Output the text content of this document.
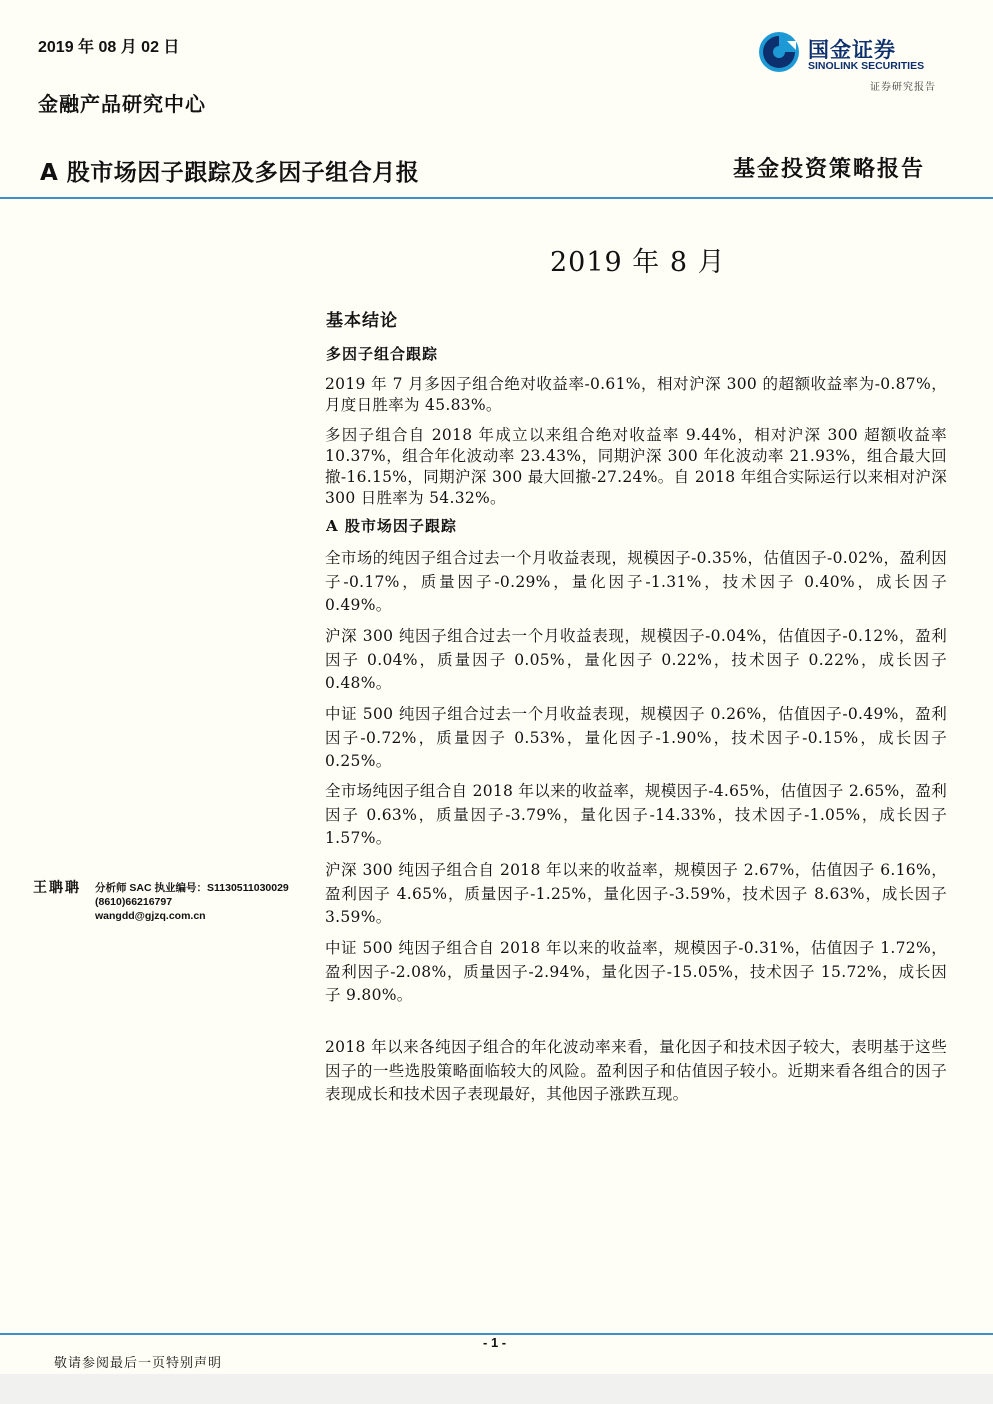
2019 年 08 月 02 日
金融产品研究中心
国金证券
SINOLINK SECURITIES
证券研究报告
A 股市场因子跟踪及多因子组合月报	基金投资策略报告
2019 年 8 月
基本结论
多因子组合跟踪
2019 年 7 月多因子组合绝对收益率-0.61%，相对沪深 300 的超额收益率为-0.87%，月度日胜率为 45.83%。
多因子组合自 2018 年成立以来组合绝对收益率 9.44%，相对沪深 300 超额收益率 10.37%，组合年化波动率 23.43%，同期沪深 300 年化波动率 21.93%，组合最大回撤-16.15%，同期沪深 300 最大回撤-27.24%。自 2018 年组合实际运行以来相对沪深 300 日胜率为 54.32%。
A 股市场因子跟踪
全市场的纯因子组合过去一个月收益表现，规模因子-0.35%，估值因子-0.02%，盈利因子-0.17%，质量因子-0.29%，量化因子-1.31%，技术因子 0.40%，成长因子 0.49%。
沪深 300 纯因子组合过去一个月收益表现，规模因子-0.04%，估值因子-0.12%，盈利因子 0.04%，质量因子 0.05%，量化因子 0.22%，技术因子 0.22%，成长因子 0.48%。
中证 500 纯因子组合过去一个月收益表现，规模因子 0.26%，估值因子-0.49%，盈利因子-0.72%，质量因子 0.53%，量化因子-1.90%，技术因子-0.15%，成长因子 0.25%。
全市场纯因子组合自 2018 年以来的收益率，规模因子-4.65%，估值因子 2.65%，盈利因子 0.63%，质量因子-3.79%，量化因子-14.33%，技术因子-1.05%，成长因子 1.57%。
沪深 300 纯因子组合自 2018 年以来的收益率，规模因子 2.67%，估值因子 6.16%，盈利因子 4.65%，质量因子-1.25%，量化因子-3.59%，技术因子 8.63%，成长因子 3.59%。
中证 500 纯因子组合自 2018 年以来的收益率，规模因子-0.31%，估值因子 1.72%，盈利因子-2.08%，质量因子-2.94%，量化因子-15.05%，技术因子 15.72%，成长因子 9.80%。
2018 年以来各纯因子组合的年化波动率来看，量化因子和技术因子较大，表明基于这些因子的一些选股策略面临较大的风险。盈利因子和估值因子较小。近期来看各组合的因子表现成长和技术因子表现最好，其他因子涨跌互现。
王聃聃 分析师 SAC 执业编号：S1130511030029
(8610)66216797
wangdd@gjzq.com.cn
- 1 -
敬请参阅最后一页特别声明
